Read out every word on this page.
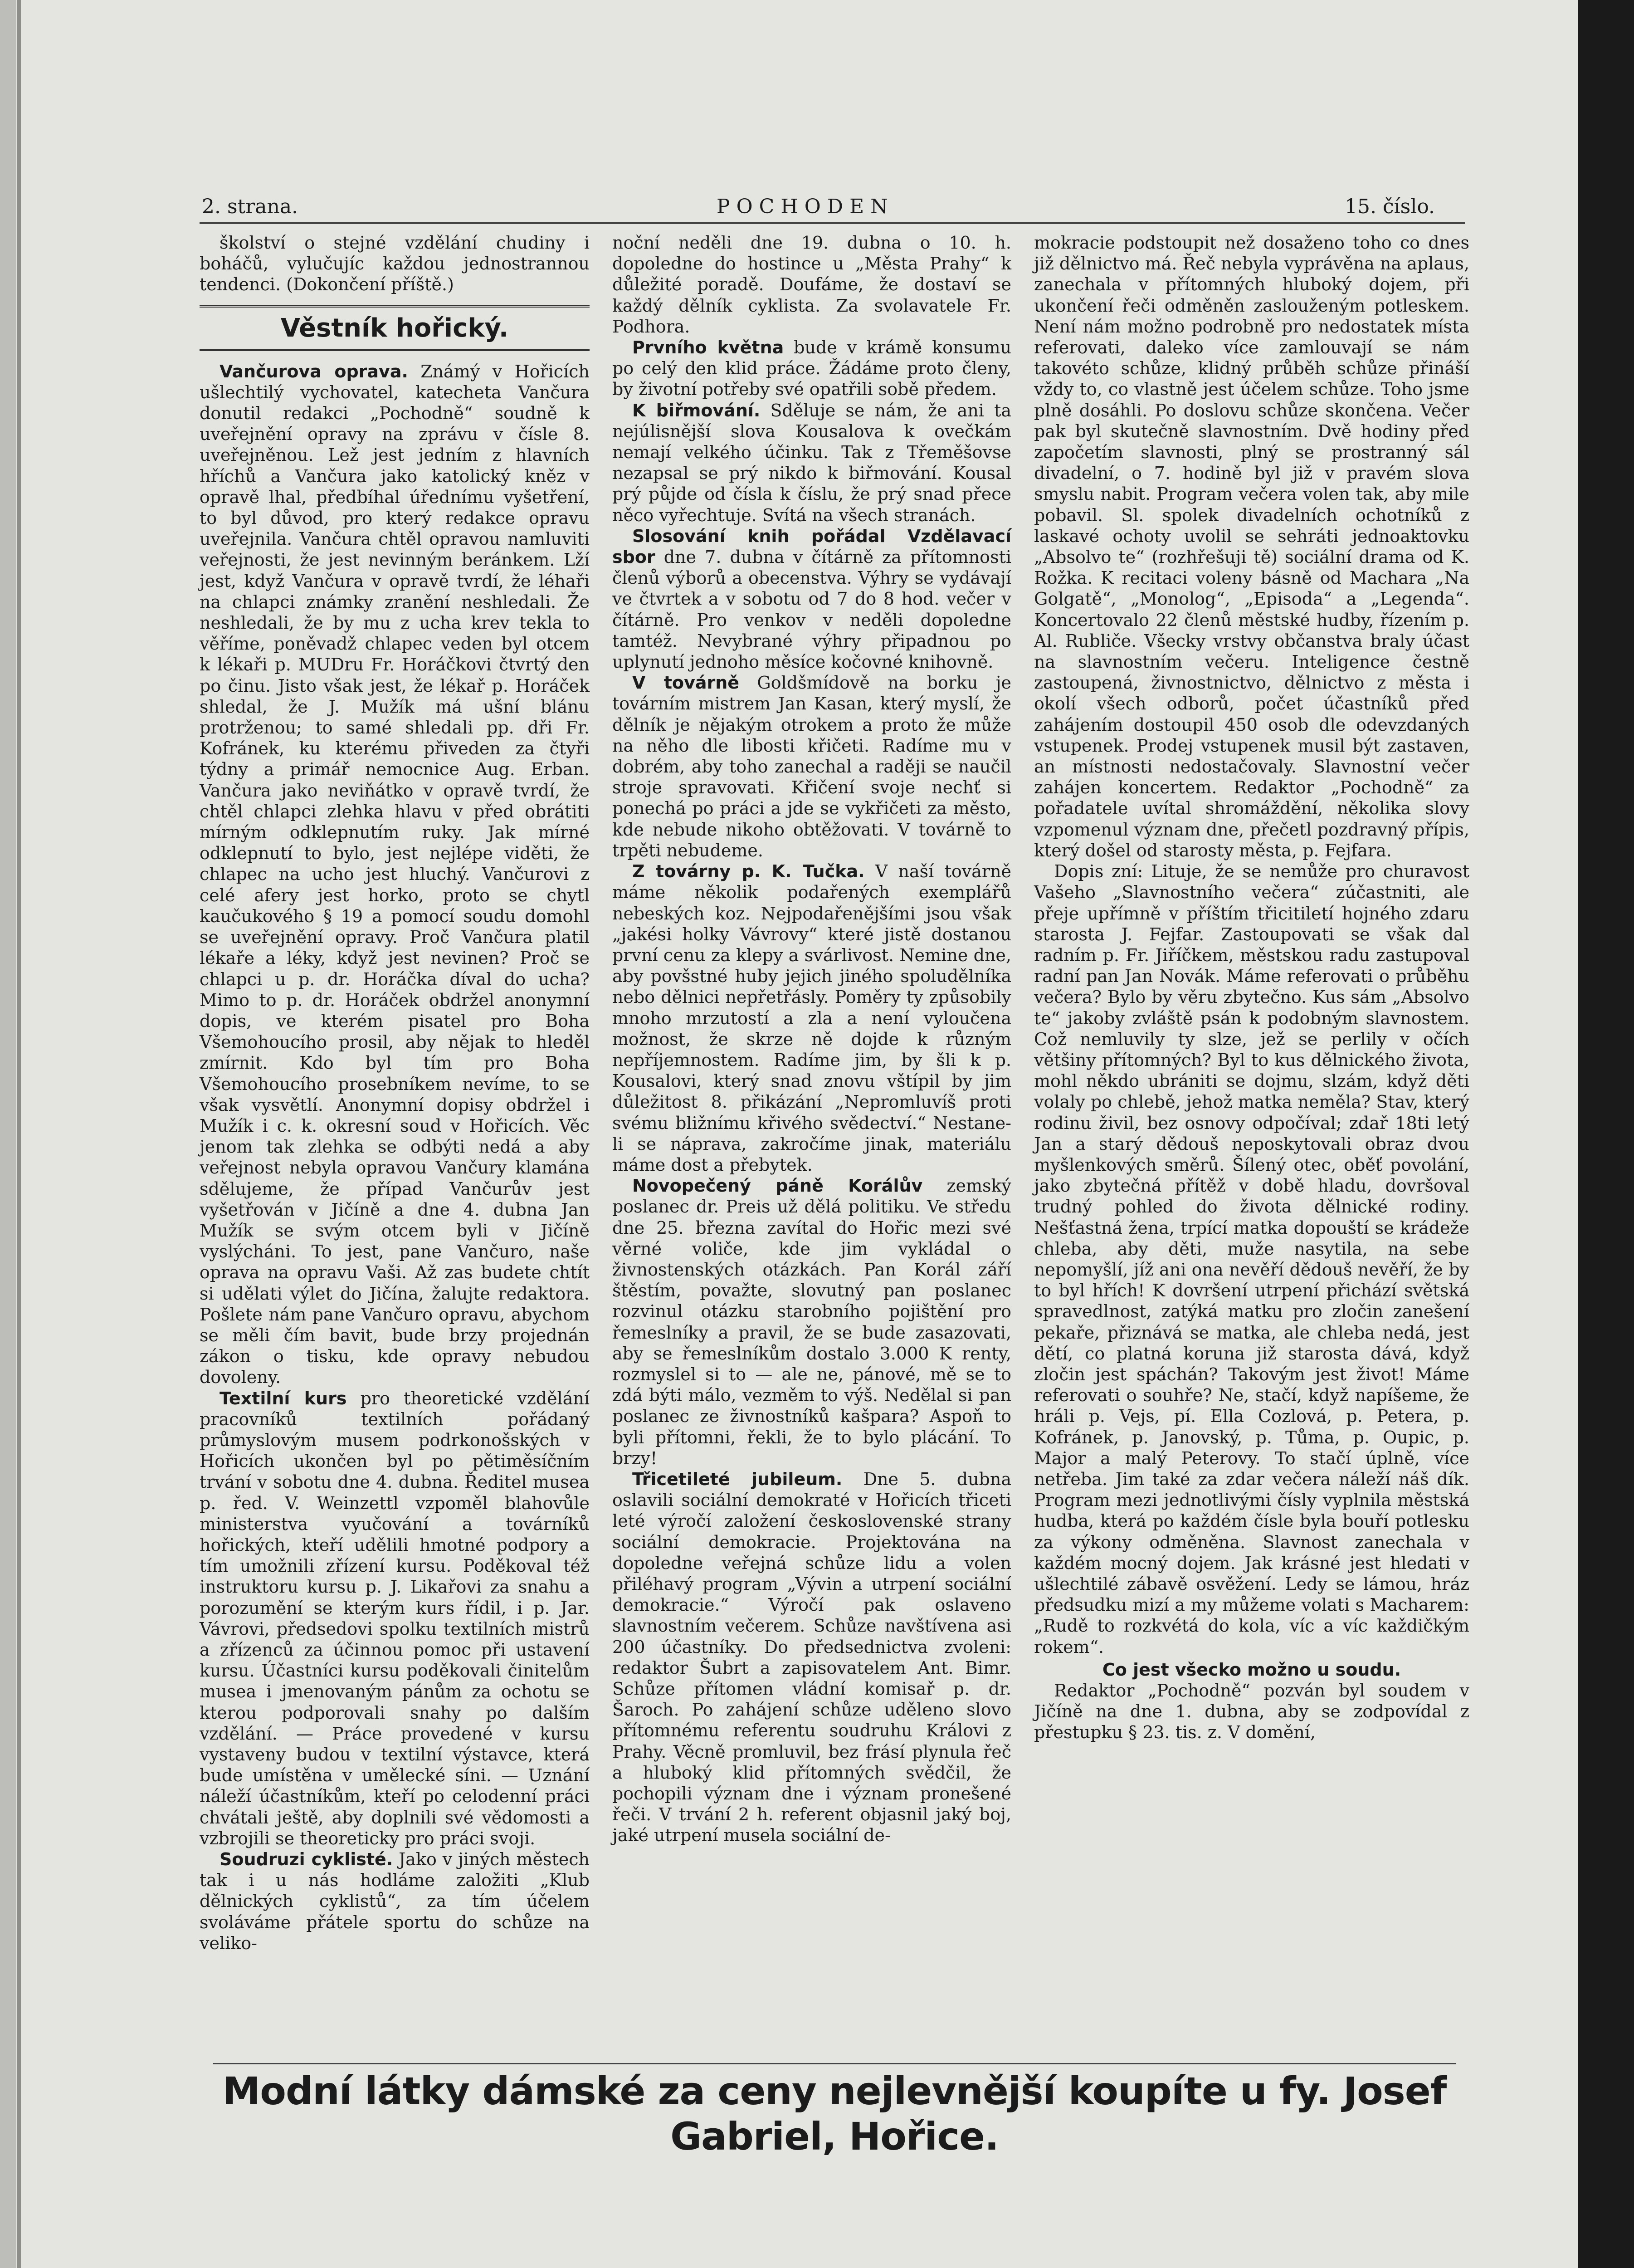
2. strana.	POCHODEN	15. číslo.

školství o stejné vzdělání chudiny i boháčů, vylučujíc každou jednostrannou tendenci. (Dokončení příště.)

Věstník hořický.

Vančurova oprava. Známý v Hořicích ušlechtilý vychovatel, katecheta Vančura donutil redakci „Pochodně“ soudně k uveřejnění opravy na zprávu v čísle 8. uveřejněnou. Lež jest jedním z hlavních hříchů a Vančura jako katolický kněz v opravě lhal, předbíhal úřednímu vyšetření, to byl důvod, pro který redakce opravu uveřejnila. Vančura chtěl opravou namluviti veřejnosti, že jest nevinným beránkem. Lží jest, když Vančura v opravě tvrdí, že léhaři na chlapci známky zranění neshledali. Že neshledali, že by mu z ucha krev tekla to věříme, poněvadž chlapec veden byl otcem k lékaři p. MUDru Fr. Horáčkovi čtvrtý den po činu. Jisto však jest, že lékař p. Horáček shledal, že J. Mužík má ušní blánu protrženou; to samé shledali pp. dři Fr. Kofránek, ku kterému přiveden za čtyři týdny a primář nemocnice Aug. Erban. Vančura jako neviňátko v opravě tvrdí, že chtěl chlapci zlehka hlavu v před obrátiti mírným odklepnutím ruky. Jak mírné odklepnutí to bylo, jest nejlépe viděti, že chlapec na ucho jest hluchý. Vančurovi z celé afery jest horko, proto se chytl kaučukového § 19 a pomocí soudu domohl se uveřejnění opravy. Proč Vančura platil lékaře a léky, když jest nevinen? Proč se chlapci u p. dr. Horáčka díval do ucha? Mimo to p. dr. Horáček obdržel anonymní dopis, ve kterém pisatel pro Boha Všemohoucího prosil, aby nějak to hleděl zmírnit. Kdo byl tím pro Boha Všemohoucího prosebníkem nevíme, to se však vysvětlí. Anonymní dopisy obdržel i Mužík i c. k. okresní soud v Hořicích. Věc jenom tak zlehka se odbýti nedá a aby veřejnost nebyla opravou Vančury klamána sdělujeme, že případ Vančurův jest vyšetřován v Jičíně a dne 4. dubna Jan Mužík se svým otcem byli v Jičíně vyslýcháni. To jest, pane Vančuro, naše oprava na opravu Vaši. Až zas budete chtít si udělati výlet do Jičína, žalujte redaktora. Pošlete nám pane Vančuro opravu, abychom se měli čím bavit, bude brzy projednán zákon o tisku, kde opravy nebudou dovoleny.

Textilní kurs pro theoretické vzdělání pracovníků textilních pořádaný průmyslovým musem podrkonošských v Hořicích ukončen byl po pětiměsíčním trvání v sobotu dne 4. dubna. Ředitel musea p. řed. V. Weinzettl vzpoměl blahovůle ministerstva vyučování a továrníků hořických, kteří udělili hmotné podpory a tím umožnili zřízení kursu. Poděkoval též instruktoru kursu p. J. Likařovi za snahu a porozumění se kterým kurs řídil, i p. Jar. Vávrovi, předsedovi spolku textilních mistrů a zřízenců za účinnou pomoc při ustavení kursu. Účastníci kursu poděkovali činitelům musea i jmenovaným pánům za ochotu se kterou podporovali snahy po dalším vzdělání. — Práce provedené v kursu vystaveny budou v textilní výstavce, která bude umístěna v umělecké síni. — Uznání náleží účastníkům, kteří po celodenní práci chvátali ještě, aby doplnili své vědomosti a vzbrojili se theoreticky pro práci svoji.

Soudruzi cyklisté. Jako v jiných městech tak i u nás hodláme založiti „Klub dělnických cyklistů“, za tím účelem svoláváme přátele sportu do schůze na veliko-

noční neděli dne 19. dubna o 10. h. dopoledne do hostince u „Města Prahy“ k důležité poradě. Doufáme, že dostaví se každý dělník cyklista. Za svolavatele Fr. Podhora.

Prvního května bude v krámě konsumu po celý den klid práce. Žádáme proto členy, by životní potřeby své opatřili sobě předem.

K biřmování. Sděluje se nám, že ani ta nejúlisnější slova Kousalova k ovečkám nemají velkého účinku. Tak z Třeměšovse nezapsal se prý nikdo k biřmování. Kousal prý půjde od čísla k číslu, že prý snad přece něco vyřechtuje. Svítá na všech stranách.

Slosování knih pořádal Vzdělavací sbor dne 7. dubna v čítárně za přítomnosti členů výborů a obecenstva. Výhry se vydávají ve čtvrtek a v sobotu od 7 do 8 hod. večer v čítárně. Pro venkov v neděli dopoledne tamtéž. Nevybrané výhry připadnou po uplynutí jednoho měsíce kočovné knihovně.

V továrně Goldšmídově na borku je továrním mistrem Jan Kasan, který myslí, že dělník je nějakým otrokem a proto že může na něho dle libosti křičeti. Radíme mu v dobrém, aby toho zanechal a raději se naučil stroje spravovati. Křičení svoje nechť si ponechá po práci a jde se vykřičeti za město, kde nebude nikoho obtěžovati. V továrně to trpěti nebudeme.

Z továrny p. K. Tučka. V naší továrně máme několik podařených exemplářů nebeských koz. Nejpodařenějšími jsou však „jakési holky Vávrovy“ které jistě dostanou první cenu za klepy a svárlivost. Nemine dne, aby povšstné huby jejich jiného spoludělníka nebo dělnici nepřetřásly. Poměry ty způsobily mnoho mrzutostí a zla a není vyloučena možnost, že skrze ně dojde k různým nepříjemnostem. Radíme jim, by šli k p. Kousalovi, který snad znovu vštípil by jim důležitost 8. přikázání „Nepromluvíš proti svému bližnímu křivého svědectví.“ Nestane-li se náprava, zakročíme jinak, materiálu máme dost a přebytek.

Novopečený páně Korálův zemský poslanec dr. Preis už dělá politiku. Ve středu dne 25. března zavítal do Hořic mezi své věrné voliče, kde jim vykládal o živnostenských otázkách. Pan Korál září štěstím, považte, slovutný pan poslanec rozvinul otázku starobního pojištění pro řemeslníky a pravil, že se bude zasazovati, aby se řemeslníkům dostalo 3.000 K renty, rozmyslel si to — ale ne, pánové, mě se to zdá býti málo, vezměm to výš. Nedělal si pan poslanec ze živnostníků kašpara? Aspoň to byli přítomni, řekli, že to bylo plácání. To brzy!

Třicetileté jubileum. Dne 5. dubna oslavili sociální demokraté v Hořicích třiceti leté výročí založení československé strany sociální demokracie. Projektována na dopoledne veřejná schůze lidu a volen přiléhavý program „Vývin a utrpení sociální demokracie.“ Výročí pak oslaveno slavnostním večerem. Schůze navštívena asi 200 účastníky. Do předsednictva zvoleni: redaktor Šubrt a zapisovatelem Ant. Bimr. Schůze přítomen vládní komisař p. dr. Šaroch. Po zahájení schůze uděleno slovo přítomnému referentu soudruhu Královi z Prahy. Věcně promluvil, bez frásí plynula řeč a hluboký klid přítomných svědčil, že pochopili význam dne i význam pronešené řeči. V trvání 2 h. referent objasnil jaký boj, jaké utrpení musela sociální de-

mokracie podstoupit než dosaženo toho co dnes již dělnictvo má. Řeč nebyla vyprávěna na aplaus, zanechala v přítomných hluboký dojem, při ukončení řeči odměněn zaslouženým potleskem. Není nám možno podrobně pro nedostatek místa referovati, daleko více zamlouvají se nám takovéto schůze, klidný průběh schůze přináší vždy to, co vlastně jest účelem schůze. Toho jsme plně dosáhli. Po doslovu schůze skončena. Večer pak byl skutečně slavnostním. Dvě hodiny před započetím slavnosti, plný se prostranný sál divadelní, o 7. hodině byl již v pravém slova smyslu nabit. Program večera volen tak, aby mile pobavil. Sl. spolek divadelních ochotníků z laskavé ochoty uvolil se sehráti jednoaktovku „Absolvo te“ (rozhřešuji tě) sociální drama od K. Rožka. K recitaci voleny básně od Machara „Na Golgatě“, „Monolog“, „Episoda“ a „Legenda“. Koncertovalo 22 členů městské hudby, řízením p. Al. Rubliče. Všecky vrstvy občanstva braly účast na slavnostním večeru. Inteligence čestně zastoupená, živnostnictvo, dělnictvo z města i okolí všech odborů, počet účastníků před zahájením dostoupil 450 osob dle odevzdaných vstupenek. Prodej vstupenek musil být zastaven, an místnosti nedostačovaly. Slavnostní večer zahájen koncertem. Redaktor „Pochodně“ za pořadatele uvítal shromáždění, několika slovy vzpomenul význam dne, přečetl pozdravný přípis, který došel od starosty města, p. Fejfara.

Dopis zní: Lituje, že se nemůže pro churavost Vašeho „Slavnostního večera“ zúčastniti, ale přeje upřímně v příštím třicitiletí hojného zdaru starosta J. Fejfar. Zastoupovati se však dal radním p. Fr. Jiříčkem, městskou radu zastupoval radní pan Jan Novák. Máme referovati o průběhu večera? Bylo by věru zbytečno. Kus sám „Absolvo te“ jakoby zvláště psán k podobným slavnostem. Což nemluvily ty slze, jež se perlily v očích většiny přítomných? Byl to kus dělnického života, mohl někdo ubrániti se dojmu, slzám, když děti volaly po chlebě, jehož matka neměla? Stav, který rodinu živil, bez osnovy odpočíval; zdař 18ti letý Jan a starý dědouš neposkytovali obraz dvou myšlenkových směrů. Šílený otec, oběť povolání, jako zbytečná přítěž v době hladu, dovršoval trudný pohled do života dělnické rodiny. Nešťastná žena, trpící matka dopouští se krádeže chleba, aby děti, muže nasytila, na sebe nepomyšlí, jíž ani ona nevěří dědouš nevěří, že by to byl hřích! K dovršení utrpení přichází světská spravedlnost, zatýká matku pro zločin zanešení pekaře, přiznává se matka, ale chleba nedá, jest dětí, co platná koruna již starosta dává, když zločin jest spáchán? Takovým jest život! Máme referovati o souhře? Ne, stačí, když napíšeme, že hráli p. Vejs, pí. Ella Cozlová, p. Petera, p. Kofránek, p. Janovský, p. Tůma, p. Oupic, p. Major a malý Peterovy. To stačí úplně, více netřeba. Jim také za zdar večera náleží náš dík. Program mezi jednotlivými čísly vyplnila městská hudba, která po každém čísle byla bouří potlesku za výkony odměněna. Slavnost zanechala v každém mocný dojem. Jak krásné jest hledati v ušlechtilé zábavě osvěžení. Ledy se lámou, hráz předsudku mizí a my můžeme volati s Macharem: „Rudě to rozkvétá do kola, víc a víc každičkým rokem“.

Co jest všecko možno u soudu.

Redaktor „Pochodně“ pozván byl soudem v Jičíně na dne 1. dubna, aby se zodpovídal z přestupku § 23. tis. z. V domění,

Modní látky dámské za ceny nejlevnější koupíte u fy. Josef Gabriel, Hořice.
